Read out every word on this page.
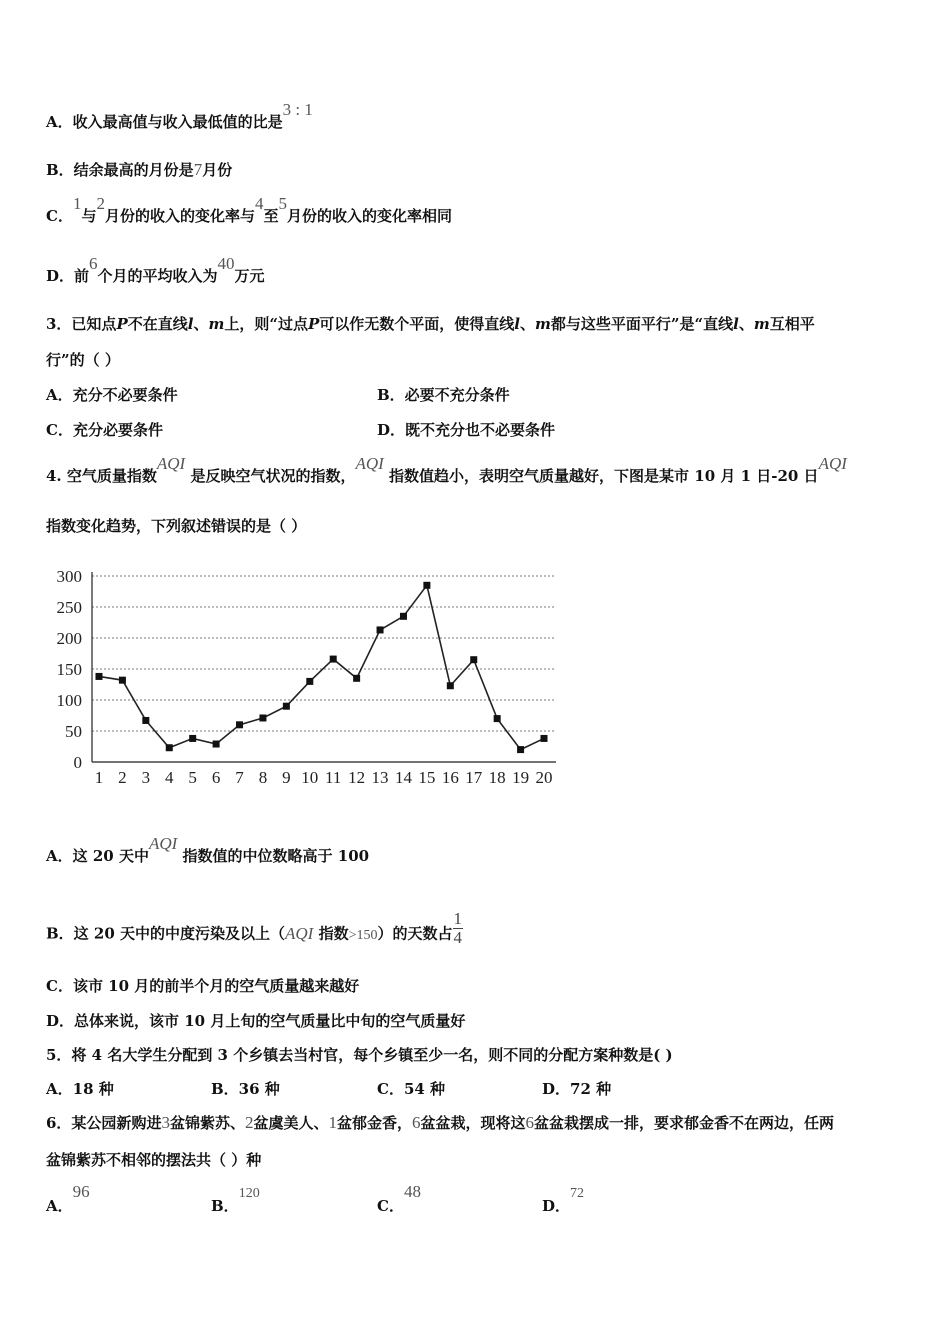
A．收入最高值与收入最低值的比是3 : 1
B．结余最高的月份是7月份
C．1与2月份的收入的变化率与4至5月份的收入的变化率相同
D．前6个月的平均收入为40万元
3．已知点P不在直线l、m上，则“过点P可以作无数个平面，使得直线l、m都与这些平面平行”是“直线l、m互相平
行”的（ ）
A．充分不必要条件	B．必要不充分条件
C．充分必要条件	D．既不充分也不必要条件
4. 空气质量指数AQI 是反映空气状况的指数，AQI 指数值趋小，表明空气质量越好，下图是某市 10 月 1 日-20 日AQI
指数变化趋势，下列叙述错误的是（ ）
0
50
100
150
200
250
300
1 2 3 4 5 6 7 8 9 10 11 12 13 14 15 16 17 18 19 20
A．这 20 天中AQI 指数值的中位数略高于 100
B．这 20 天中的中度污染及以上（AQI 指数>150）的天数占 $\frac{1}{4}$
C．该市 10 月的前半个月的空气质量越来越好
D．总体来说，该市 10 月上旬的空气质量比中旬的空气质量好
5．将 4 名大学生分配到 3 个乡镇去当村官，每个乡镇至少一名，则不同的分配方案种数是( )
A．18 种	B．36 种	C．54 种	D．72 种
6．某公园新购进3盆锦紫苏、2盆虞美人、1盆郁金香，6盆盆栽，现将这6盆盆栽摆成一排，要求郁金香不在两边，任两
盆锦紫苏不相邻的摆法共（ ）种
A．96
B．120
C．48
D．72
